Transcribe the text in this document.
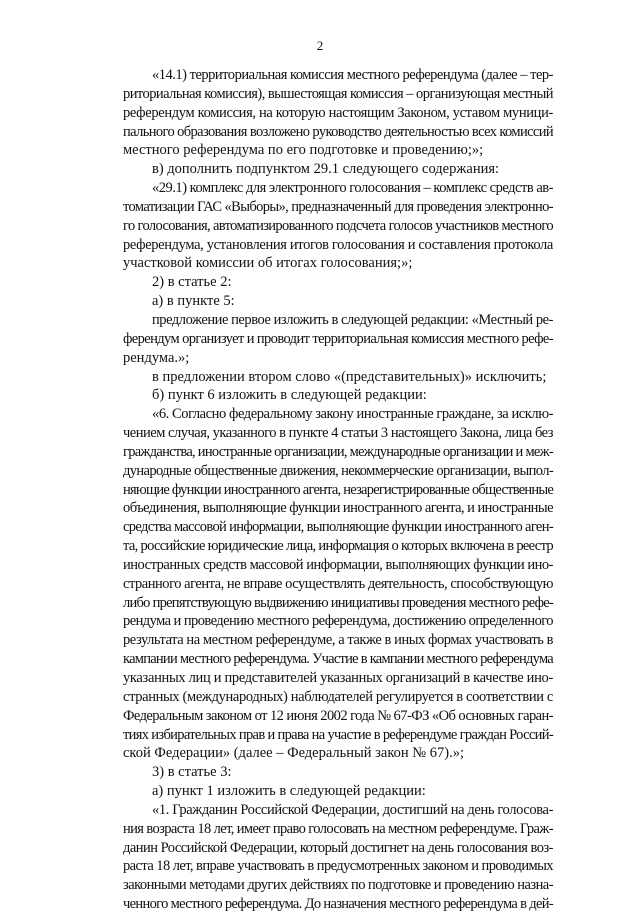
2
«14.1) территориальная комиссия местного референдума (далее – тер-
риториальная комиссия), вышестоящая комиссия – организующая местный
референдум комиссия, на которую настоящим Законом, уставом муници-
пального образования возложено руководство деятельностью всех комиссий
местного референдума по его подготовке и проведению;»;
в) дополнить подпунктом 29.1 следующего содержания:
«29.1) комплекс для электронного голосования – комплекс средств ав-
томатизации ГАС «Выборы», предназначенный для проведения электронно-
го голосования, автоматизированного подсчета голосов участников местного
референдума, установления итогов голосования и составления протокола
участковой комиссии об итогах голосования;»;
2) в статье 2:
а) в пункте 5:
предложение первое изложить в следующей редакции: «Местный ре-
ферендум организует и проводит территориальная комиссия местного рефе-
рендума.»;
в предложении втором слово «(представительных)» исключить;
б) пункт 6 изложить в следующей редакции:
«6. Согласно федеральному закону иностранные граждане, за исклю-
чением случая, указанного в пункте 4 статьи 3 настоящего Закона, лица без
гражданства, иностранные организации, международные организации и меж-
дународные общественные движения, некоммерческие организации, выпол-
няющие функции иностранного агента, незарегистрированные общественные
объединения, выполняющие функции иностранного агента, и иностранные
средства массовой информации, выполняющие функции иностранного аген-
та, российские юридические лица, информация о которых включена в реестр
иностранных средств массовой информации, выполняющих функции ино-
странного агента, не вправе осуществлять деятельность, способствующую
либо препятствующую выдвижению инициативы проведения местного рефе-
рендума и проведению местного референдума, достижению определенного
результата на местном референдуме, а также в иных формах участвовать в
кампании местного референдума. Участие в кампании местного референдума
указанных лиц и представителей указанных организаций в качестве ино-
странных (международных) наблюдателей регулируется в соответствии с
Федеральным законом от 12 июня 2002 года № 67-ФЗ «Об основных гаран-
тиях избирательных прав и права на участие в референдуме граждан Россий-
ской Федерации» (далее – Федеральный закон № 67).»;
3) в статье 3:
а) пункт 1 изложить в следующей редакции:
«1. Гражданин Российской Федерации, достигший на день голосова-
ния возраста 18 лет, имеет право голосовать на местном референдуме. Граж-
данин Российской Федерации, который достигнет на день голосования воз-
раста 18 лет, вправе участвовать в предусмотренных законом и проводимых
законными методами других действиях по подготовке и проведению назна-
ченного местного референдума. До назначения местного референдума в дей-
